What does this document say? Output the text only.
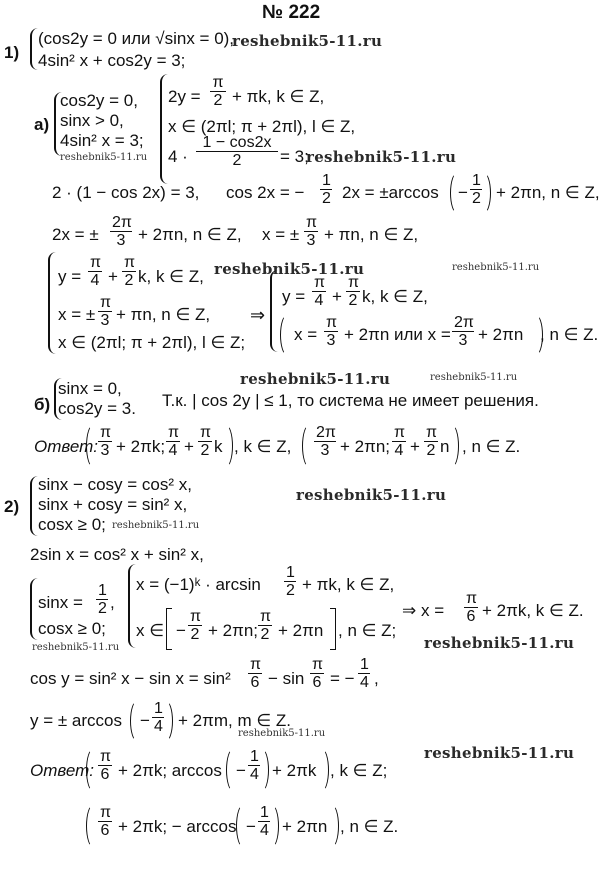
№ 222
1)
(cos2y = 0 или √sinx = 0),
reshebnik5-11.ru
4sin² x + cos2y = 3;
а)
cos2y = 0,
sinx > 0,
4sin² x = 3;
reshebnik5-11.ru
$2y = \frac{\pi}{2} + \pi k$, k ∈ Z,
x ∈ (2πl; π + 2πl), l ∈ Z,
$4 \cdot \frac{1 - \cos 2x}{2} = 3$;
reshebnik5-11.ru
2 · (1 − cos 2x) = 3, cos 2x = − $\frac{1}{2} 2x = \pm\arccos - \frac{1}{2} + 2\pi n$, n ∈ Z,
2x = ± $\frac{2\pi}{3} + 2\pi n$, n ∈ Z, x = ± $\frac{\pi}{3} + \pi n$, n ∈ Z,
$y = \frac{\pi}{4} + \frac{\pi}{2} k$, k ∈ Z, reshebnik5-11.ru	reshebnik5-11.ru
x = ± $\frac{\pi}{3} + \pi n$, n ∈ Z,
x ∈ (2πl; π + 2πl), l ∈ Z;
⇒
$y = \frac{\pi}{4} + \frac{\pi}{2} k$, k ∈ Z,
$x = \frac{\pi}{3} + 2\pi n$ или $x = \frac{2\pi}{3} + 2\pi n$ , n ∈ Z.
reshebnik5-11.ru	reshebnik5-11.ru
б)
sinx = 0,
cos2y = 3. Т.к. | cos 2y | ≤ 1, то система не имеет решения.
Ответ: $\frac{\pi}{3} + 2\pi k$; $\frac{\pi}{4} + \frac{\pi}{2}$ k , k ∈ Z, $\frac{2\pi}{3} + 2\pi n$; $\frac{\pi}{4} + \frac{\pi}{2}$ n , n ∈ Z.
2)
sinx − cosy = cos² x,
sinx + cosy = sin² x,
cosx ≥ 0; reshebnik5-11.ru
reshebnik5-11.ru
2sin x = cos² x + sin² x,
$\sin x = \frac{1}{2}$ ,
cosx ≥ 0;
reshebnik5-11.ru
x = (−1)ᵏ · $\arcsin \frac{1}{2} + \pi k$, k ∈ Z,
x ∈ − $\frac{\pi}{2} + 2\pi n$; $\frac{\pi}{2} + 2\pi n$ , n ∈ Z;
⇒ $x = \frac{\pi}{6} + 2\pi k$, k ∈ Z.
reshebnik5-11.ru
cos y = sin² $x - \sin x = \sin^2 \frac{\pi}{6} - \sin \frac{\pi}{6}$ = − $\frac{1}{4}$ ,
y = ± $\arccos - \frac{1}{4} + 2\pi m$, m ∈ Z.
reshebnik5-11.ru
reshebnik5-11.ru
Ответ: $\frac{\pi}{6} + 2\pi k$; $\arccos - \frac{1}{4} + 2\pi k$ , k ∈ Z;
$\frac{\pi}{6} + 2\pi k$; − $\arccos - \frac{1}{4} + 2\pi n$ , n ∈ Z.
